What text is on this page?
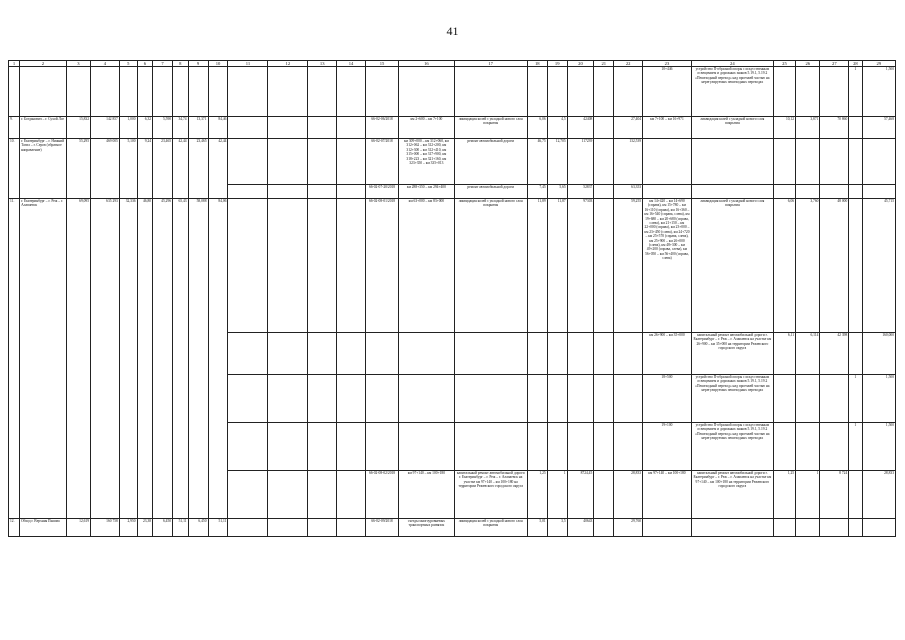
41
1	2	3	4	5	6	7	8	9	10	11	12	13	14	15	16	17	18	19	20	21	22	23	24	25	26	27	28	29
																						10+446	устройство П-образной опоры с искусственным освещением и дорожных знаков 5.19.1, 5.19.2 «Пешеходный переход» над проезжей частью на нерегулируемых пешеходных переходах				1	1,500
9.	г. Богданович – г. Сухой Лог	15,832	142 857	1,000	6,32	5,590	34,74	13,371	84,46					66-02-06/2018	км 2+600 – км 7+100	ликвидация колей с укладкой нового слоя покрытия	6,06	4,5	42408		27,404	км 7+100 – км 16+971	ликвидация колей с укладкой нового слоя покрытия	10,12	3,871	70 860		57,468
10.	г. Екатеринбург – г. Нижний Тагил – г. Серов (обратное направление)	55,295	469 005	5,100	9,24	23,465	42,44	23,465	42,44					66-02-07/2018	км 309+000 – км 312+060, км 312+062 – км 312+200, км 312+300 – км 312+410, км 315+000 – км 317+900, км 318+223 – км 321+160, км 323+350 – км 335+013	ремонт автомобильной дороги	46,75	12,705	117239		132,539							
														66-02-07-20/2018	км 288+350 – км 294+400	ремонт автомобильной дороги	7,45	5,65	52837		63,353							
11.	г. Екатеринбург – г. Реж – г. Алапаевск	69,095	635 293	32,336	46,80	45,296	65,43	58,088	84,06					66-02-08-01/2018	км 63+000 – км 83+000	ликвидация колей с укладкой нового слоя покрытия	11,89	11,87	97303		59,255	км 14+420 – км 14+690 (справа), км 15+780 – км 16+110 (справа), км 16+360 – км 16+540 (справа, слева), км 19+680 – км 20+680 (справа, слева), км 21+150 – км 22+000 (справа), км 23+000 – км 23+450 (слева), км 24+720 – км 25+570 (справа, слева), км 25+900 – км 26+000 (слева), км 48+300 – км 49+200 (справа, слева), км 56+050 – км 56+400 (справа, слева)	ликвидация колей с укладкой нового слоя покрытия	6,06	3,760	48 000		45,715
																						км 26+900 – км 35+000	капитальный ремонт автомобильной дороги г. Екатеринбург – г. Реж – г. Алапаевск на участке км 26+900 – км 35+000 на территории Режевского городского округа	6,11	6,114	42 398		160,000
																						18+500	устройство П-образной опоры с искусственным освещением и дорожных знаков 5.19.1, 5.19.2 «Пешеходный переход» над проезжей частью на нерегулируемых пешеходных переходах				1	1,500
																						19+100	устройство П-образной опоры с искусственным освещением и дорожных знаков 5.19.1, 5.19.2 «Пешеходный переход» над проезжей частью на нерегулируемых пешеходных переходах				1	1,500
														66-02-08-02/2018	км 97+140 – км 100+180	капитальный ремонт автомобильной дороги г. Екатеринбург – г. Реж – г. Алапаевск на участке км 97+140 – км 100+180 на территории Режевского городского округа	1,25	1	8724,45		28,833	км 97+140 – км 100+180	капитальный ремонт автомобильной дороги г. Екатеринбург – г. Реж – г. Алапаевск на участке км 97+140 – км 100+180 на территории Режевского городского округа	1,25	1	8 724		28,833
12.	Обход г. Верхняя Пышма	12,619	160 758	2,950	23,38	6,450	51,11	6,450	51,11					66-02-09/2018	съезды многоуровневых транспортных развязок	ликвидация колей с укладкой нового слоя покрытия	5,01	3,5	40643		29,760							
